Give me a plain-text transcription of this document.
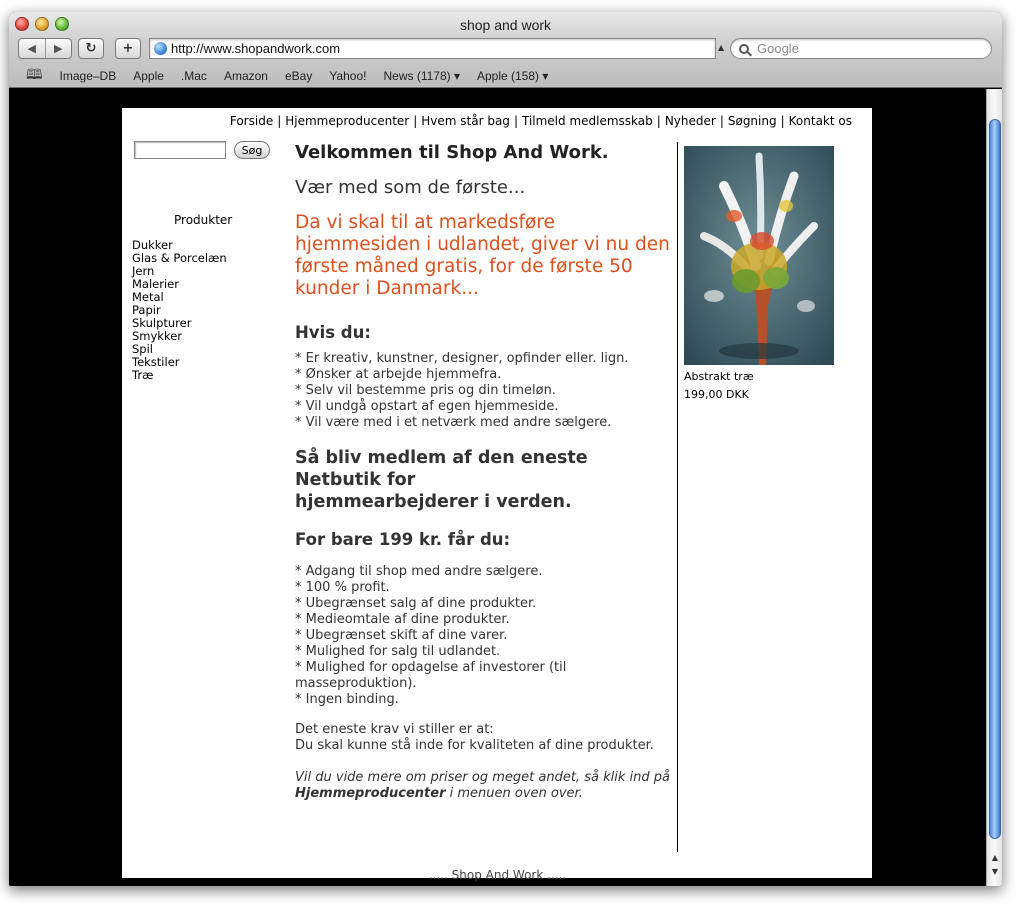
shop and work
◀	▶	↻	+	http://www.shopandwork.com	▲	Google
🕮 Image–DB Apple .Mac Amazon eBay Yahoo! News (1178) ▾ Apple (158) ▾
Forside | Hjemmeproducenter | Hvem står bag | Tilmeld medlemsskab | Nyheder | Søgning | Kontakt os
Søg
Produkter
Dukker
Glas & Porcelæn
Jern
Malerier
Metal
Papir
Skulpturer
Smykker
Spil
Tekstiler
Træ
Velkommen til Shop And Work.
Vær med som de første...
Da vi skal til at markedsføre hjemmesiden i udlandet, giver vi nu den første måned gratis, for de første 50 kunder i Danmark...
Hvis du:
* Er kreativ, kunstner, designer, opfinder eller. lign.
* Ønsker at arbejde hjemmefra.
* Selv vil bestemme pris og din timeløn.
* Vil undgå opstart af egen hjemmeside.
* Vil være med i et netværk med andre sælgere.
Så bliv medlem af den eneste Netbutik for hjemmearbejderer i verden.
For bare 199 kr. får du:
* Adgang til shop med andre sælgere.
* 100 % profit.
* Ubegrænset salg af dine produkter.
* Medieomtale af dine produkter.
* Ubegrænset skift af dine varer.
* Mulighed for salg til udlandet.
* Mulighed for opdagelse af investorer (til masseproduktion).
* Ingen binding.
Det eneste krav vi stiller er at:
Du skal kunne stå inde for kvaliteten af dine produkter.
Vil du vide mere om priser og meget andet, så klik ind på Hjemmeproducenter i menuen oven over.
Abstrakt træ
199,00 DKK
..... Shop And Work .....
▲
▼
